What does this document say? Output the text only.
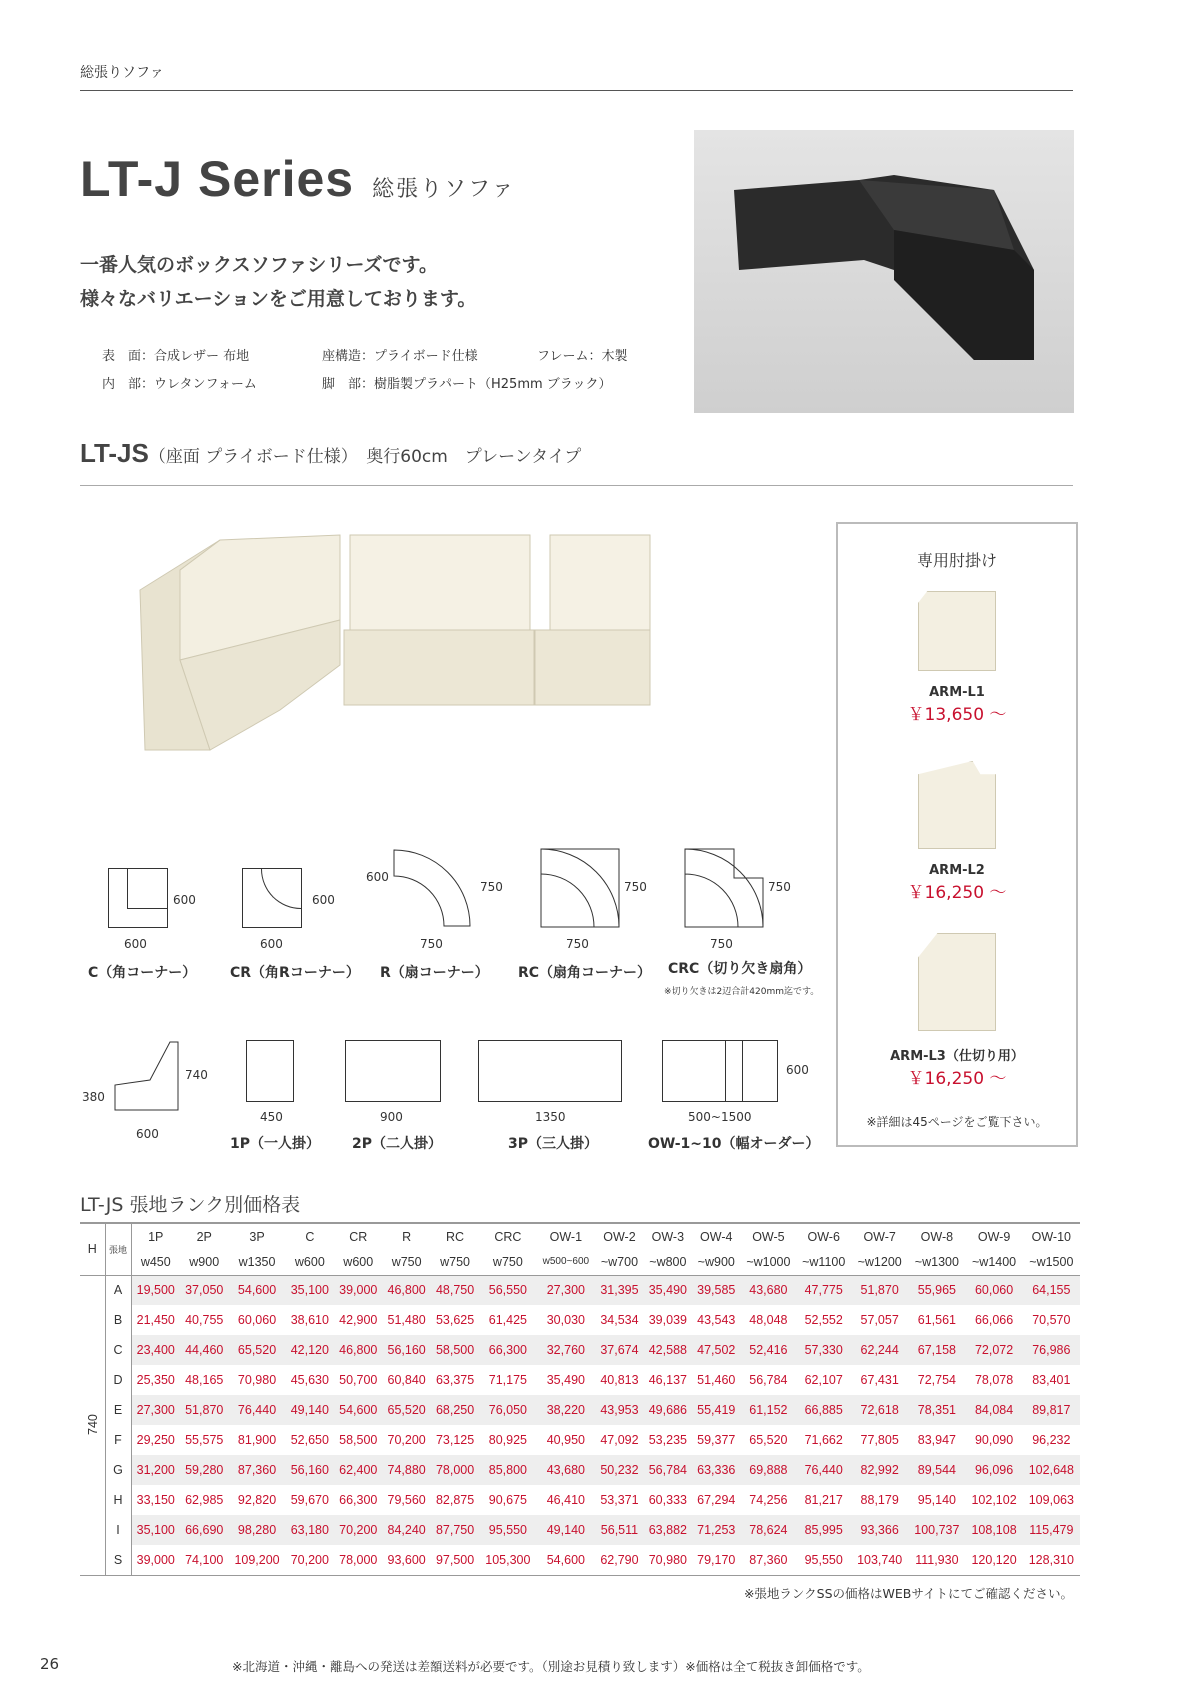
総張りソファ
LT-J Series 総張りソファ
一番人気のボックスソファシリーズです。
様々なバリエーションをご用意しております。
表　面：合成レザー 布地	座構造：プライボード仕様	フレーム：木製
内　部：ウレタンフォーム	脚　部：樹脂製プラパート（H25mm ブラック）
LT-JS（座面 プライボード仕様）　奥行60cm　プレーンタイプ
600
600
C（角コーナー）
600
600
CR（角Rコーナー）
600
750
750
R（扇コーナー）
750
750
RC（扇角コーナー）
750
750
CRC（切り欠き扇角）
※切り欠きは2辺合計420mm迄です。
740
380
600
450
1P（一人掛）
900
2P（二人掛）
1350
3P（三人掛）
600
500~1500
OW-1~10（幅オーダー）
専用肘掛け
ARM-L1
￥13,650 ～
ARM-L2
￥16,250 ～
ARM-L3（仕切り用）
￥16,250 ～
※詳細は45ページをご覧下さい。
LT-JS 張地ランク別価格表
H	張地	1P	2P	3P	C	CR	R	RC	CRC	OW-1	OW-2	OW-3	OW-4	OW-5	OW-6	OW-7	OW-8	OW-9	OW-10
		w450	w900	w1350	w600	w600	w750	w750	w750	w500~600	~w700	~w800	~w900	~w1000	~w1100	~w1200	~w1300	~w1400	~w1500
740	A	19,500	37,050	54,600	35,100	39,000	46,800	48,750	56,550	27,300	31,395	35,490	39,585	43,680	47,775	51,870	55,965	60,060	64,155
	B	21,450	40,755	60,060	38,610	42,900	51,480	53,625	61,425	30,030	34,534	39,039	43,543	48,048	52,552	57,057	61,561	66,066	70,570
	C	23,400	44,460	65,520	42,120	46,800	56,160	58,500	66,300	32,760	37,674	42,588	47,502	52,416	57,330	62,244	67,158	72,072	76,986
	D	25,350	48,165	70,980	45,630	50,700	60,840	63,375	71,175	35,490	40,813	46,137	51,460	56,784	62,107	67,431	72,754	78,078	83,401
	E	27,300	51,870	76,440	49,140	54,600	65,520	68,250	76,050	38,220	43,953	49,686	55,419	61,152	66,885	72,618	78,351	84,084	89,817
	F	29,250	55,575	81,900	52,650	58,500	70,200	73,125	80,925	40,950	47,092	53,235	59,377	65,520	71,662	77,805	83,947	90,090	96,232
	G	31,200	59,280	87,360	56,160	62,400	74,880	78,000	85,800	43,680	50,232	56,784	63,336	69,888	76,440	82,992	89,544	96,096	102,648
	H	33,150	62,985	92,820	59,670	66,300	79,560	82,875	90,675	46,410	53,371	60,333	67,294	74,256	81,217	88,179	95,140	102,102	109,063
	I	35,100	66,690	98,280	63,180	70,200	84,240	87,750	95,550	49,140	56,511	63,882	71,253	78,624	85,995	93,366	100,737	108,108	115,479
	S	39,000	74,100	109,200	70,200	78,000	93,600	97,500	105,300	54,600	62,790	70,980	79,170	87,360	95,550	103,740	111,930	120,120	128,310
※張地ランクSSの価格はWEBサイトにてご確認ください。
26	※北海道・沖縄・離島への発送は差額送料が必要です。（別途お見積り致します）※価格は全て税抜き卸価格です。
